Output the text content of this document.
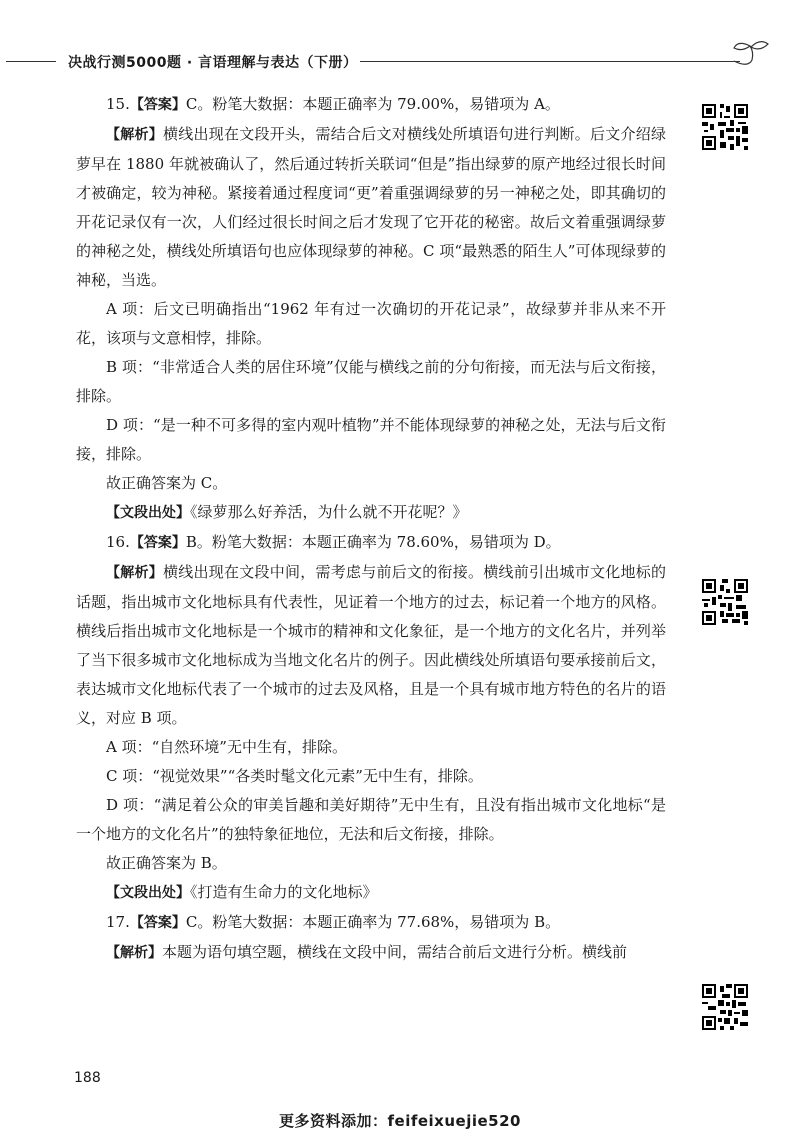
决战行测5000题 · 言语理解与表达（下册）

15.【答案】C。粉笔大数据：本题正确率为 79.00%，易错项为 A。

【解析】横线出现在文段开头，需结合后文对横线处所填语句进行判断。后文介绍绿萝早在 1880 年就被确认了，然后通过转折关联词“但是”指出绿萝的原产地经过很长时间才被确定，较为神秘。紧接着通过程度词“更”着重强调绿萝的另一神秘之处，即其确切的开花记录仅有一次，人们经过很长时间之后才发现了它开花的秘密。故后文着重强调绿萝的神秘之处，横线处所填语句也应体现绿萝的神秘。C 项“最熟悉的陌生人”可体现绿萝的神秘，当选。

A 项：后文已明确指出“1962 年有过一次确切的开花记录”，故绿萝并非从来不开花，该项与文意相悖，排除。

B 项：“非常适合人类的居住环境”仅能与横线之前的分句衔接，而无法与后文衔接，排除。

D 项：“是一种不可多得的室内观叶植物”并不能体现绿萝的神秘之处，无法与后文衔接，排除。

故正确答案为 C。

【文段出处】《绿萝那么好养活，为什么就不开花呢？》

16.【答案】B。粉笔大数据：本题正确率为 78.60%，易错项为 D。

【解析】横线出现在文段中间，需考虑与前后文的衔接。横线前引出城市文化地标的话题，指出城市文化地标具有代表性，见证着一个地方的过去，标记着一个地方的风格。横线后指出城市文化地标是一个城市的精神和文化象征，是一个地方的文化名片，并列举了当下很多城市文化地标成为当地文化名片的例子。因此横线处所填语句要承接前后文，表达城市文化地标代表了一个城市的过去及风格，且是一个具有城市地方特色的名片的语义，对应 B 项。

A 项：“自然环境”无中生有，排除。

C 项：“视觉效果”“各类时髦文化元素”无中生有，排除。

D 项：“满足着公众的审美旨趣和美好期待”无中生有，且没有指出城市文化地标“是一个地方的文化名片”的独特象征地位，无法和后文衔接，排除。

故正确答案为 B。

【文段出处】《打造有生命力的文化地标》

17.【答案】C。粉笔大数据：本题正确率为 77.68%，易错项为 B。

【解析】本题为语句填空题，横线在文段中间，需结合前后文进行分析。横线前

188
更多资料添加：feifeixuejie520
